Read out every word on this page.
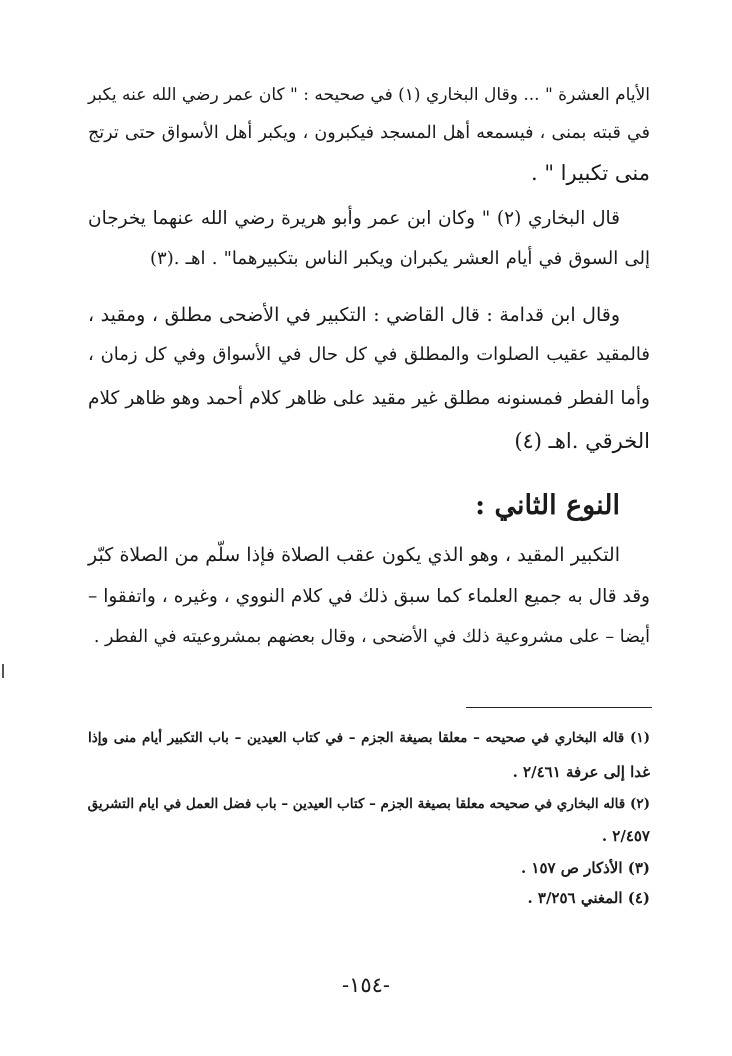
الأيام العشرة " ... وقال البخاري (١) في صحيحه : " كان عمر رضي الله عنه يكبر
في قبته بمنى ، فيسمعه أهل المسجد فيكبرون ، ويكبر أهل الأسواق حتى ترتج
منى تكبيرا " .
قال البخاري (٢) " وكان ابن عمر وأبو هريرة رضي الله عنهما يخرجان
إلى السوق في أيام العشر يكبران ويكبر الناس بتكبيرهما" . اهـ .(٣)
وقال ابن قدامة : قال القاضي : التكبير في الأضحى مطلق ، ومقيد ،
فالمقيد عقيب الصلوات والمطلق في كل حال في الأسواق وفي كل زمان ،
وأما الفطر فمسنونه مطلق غير مقيد على ظاهر كلام أحمد وهو ظاهر كلام
الخرقي .اهـ (٤)
النوع الثاني :
التكبير المقيد ، وهو الذي يكون عقب الصلاة فإذا سلّم من الصلاة كبّر
وقد قال به جميع العلماء كما سبق ذلك في كلام النووي ، وغيره ، واتفقوا –
أيضا – على مشروعية ذلك في الأضحى ، وقال بعضهم بمشروعيته في الفطر .
(١) قاله البخاري في صحيحه – معلقا بصيغة الجزم – في كتاب العيدين – باب التكبير أيام منى وإذا
غدا إلى عرفة ٢/٤٦١ .
(٢) قاله البخاري في صحيحه معلقا بصيغة الجزم – كتاب العيدين – باب فضل العمل في ايام التشريق
٢/٤٥٧ .
(٣) الأذكار ص ١٥٧ .
(٤) المغني ٣/٢٥٦ .
-١٥٤-
